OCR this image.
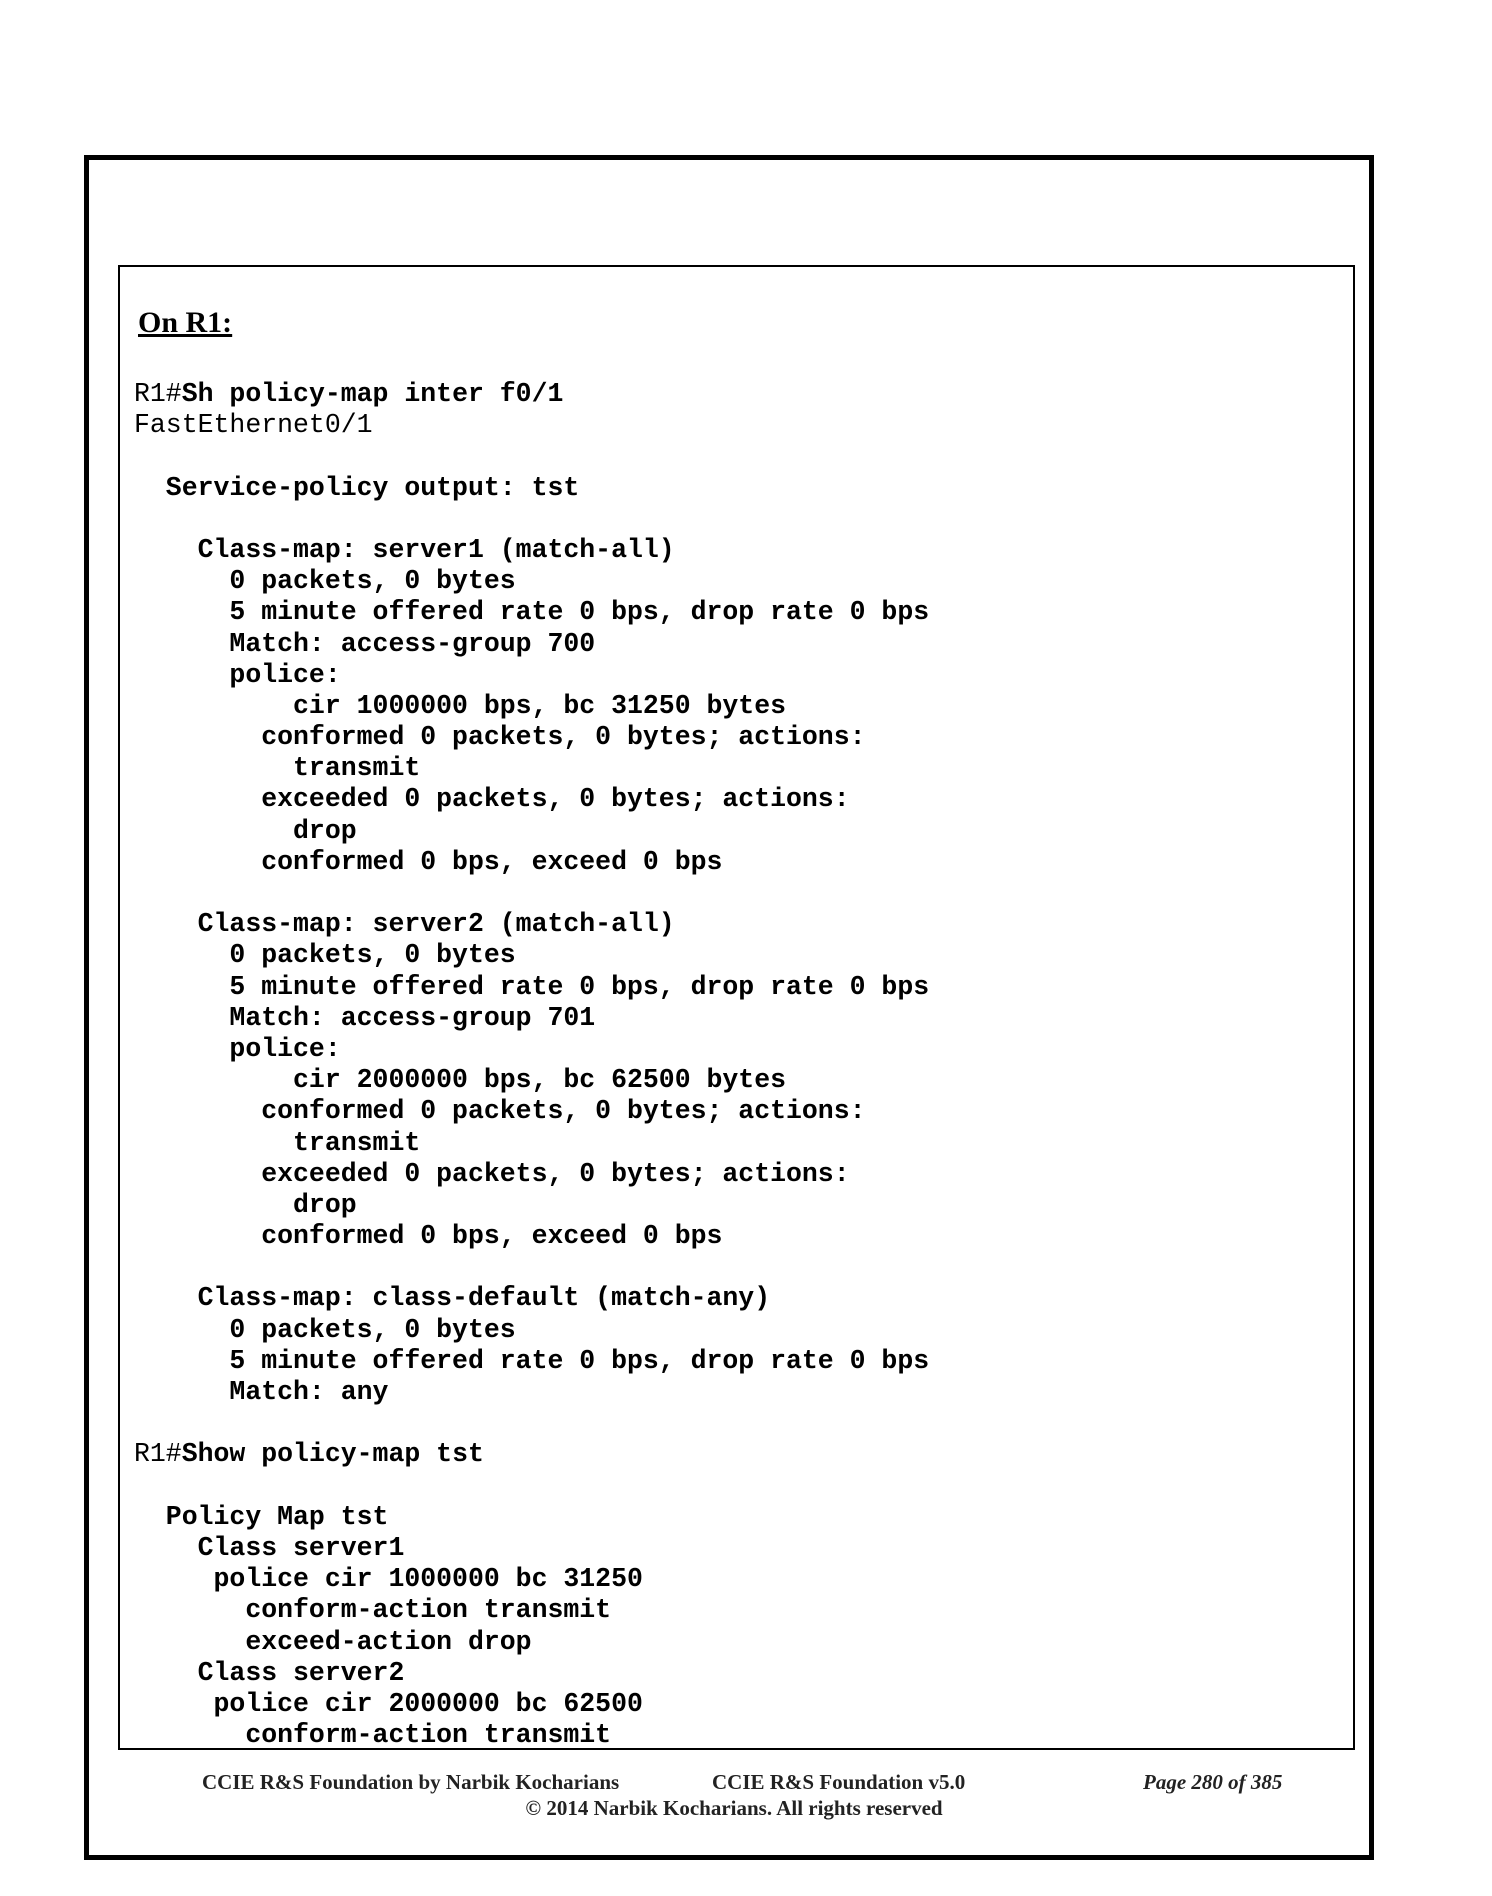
On R1:
R1#Sh policy-map inter f0/1
FastEthernet0/1
Service-policy output: tst
Class-map: server1 (match-all)
0 packets, 0 bytes
5 minute offered rate 0 bps, drop rate 0 bps
Match: access-group 700
police:
cir 1000000 bps, bc 31250 bytes
conformed 0 packets, 0 bytes; actions:
transmit
exceeded 0 packets, 0 bytes; actions:
drop
conformed 0 bps, exceed 0 bps
Class-map: server2 (match-all)
0 packets, 0 bytes
5 minute offered rate 0 bps, drop rate 0 bps
Match: access-group 701
police:
cir 2000000 bps, bc 62500 bytes
conformed 0 packets, 0 bytes; actions:
transmit
exceeded 0 packets, 0 bytes; actions:
drop
conformed 0 bps, exceed 0 bps
Class-map: class-default (match-any)
0 packets, 0 bytes
5 minute offered rate 0 bps, drop rate 0 bps
Match: any
R1#Show policy-map tst
Policy Map tst
Class server1
police cir 1000000 bc 31250
conform-action transmit
exceed-action drop
Class server2
police cir 2000000 bc 62500
conform-action transmit
CCIE R&S Foundation by Narbik Kocharians	CCIE R&S Foundation v5.0	Page 280 of 385
© 2014 Narbik Kocharians. All rights reserved
